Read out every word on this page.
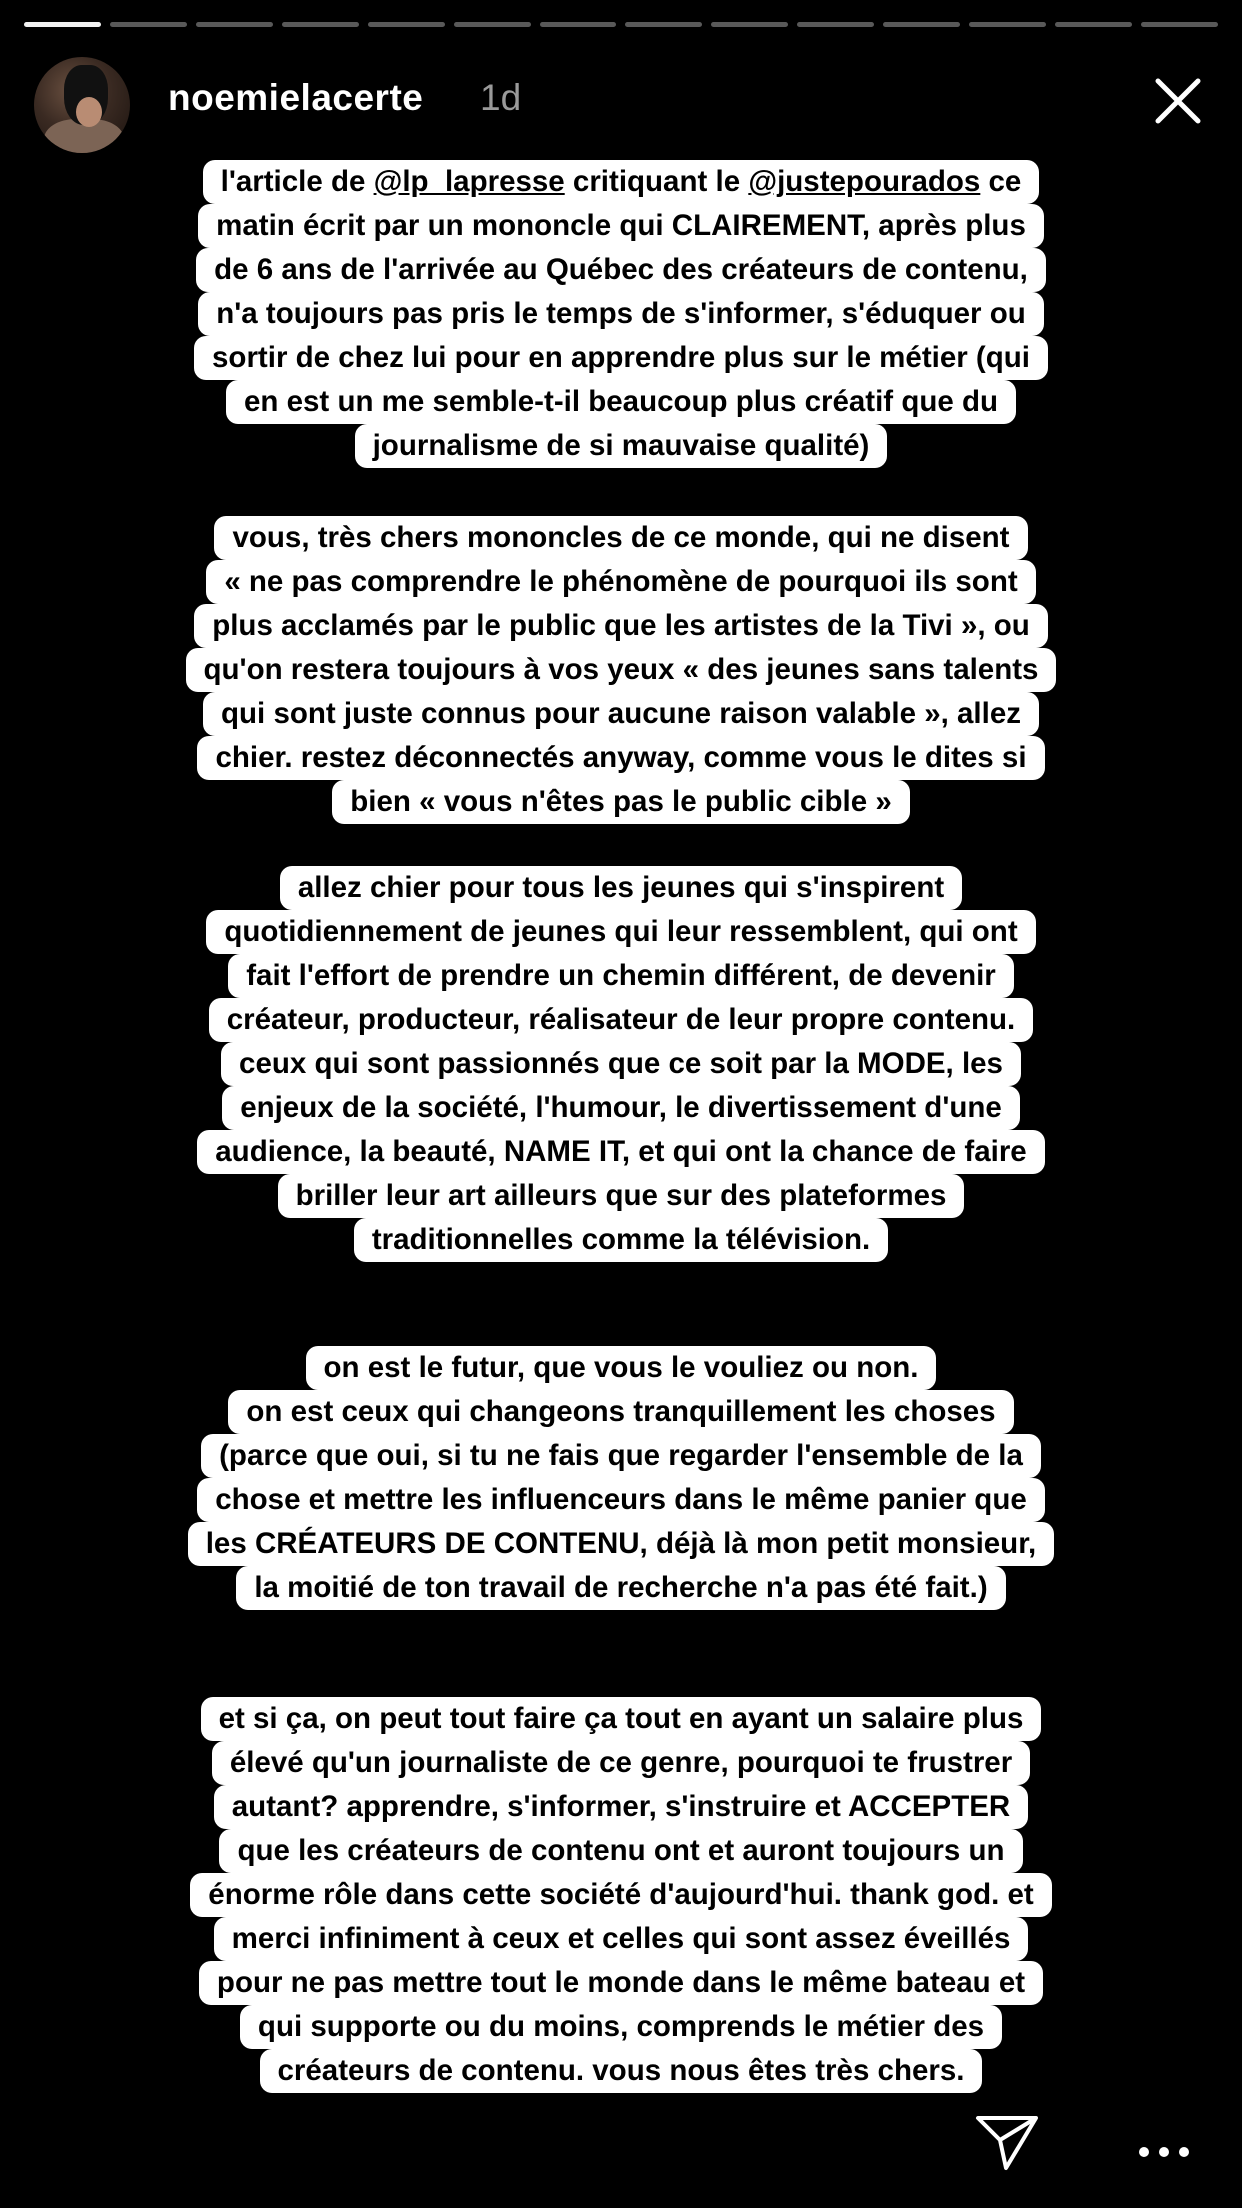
noemielacerte 1d
l'article de @lp_lapresse critiquant le @justepourados ce
matin écrit par un mononcle qui CLAIREMENT, après plus
de 6 ans de l'arrivée au Québec des créateurs de contenu,
n'a toujours pas pris le temps de s'informer, s'éduquer ou
sortir de chez lui pour en apprendre plus sur le métier (qui
en est un me semble-t-il beaucoup plus créatif que du
journalisme de si mauvaise qualité)
vous, très chers mononcles de ce monde, qui ne disent
« ne pas comprendre le phénomène de pourquoi ils sont
plus acclamés par le public que les artistes de la Tivi », ou
qu'on restera toujours à vos yeux « des jeunes sans talents
qui sont juste connus pour aucune raison valable », allez
chier. restez déconnectés anyway, comme vous le dites si
bien « vous n'êtes pas le public cible »
allez chier pour tous les jeunes qui s'inspirent
quotidiennement de jeunes qui leur ressemblent, qui ont
fait l'effort de prendre un chemin différent, de devenir
créateur, producteur, réalisateur de leur propre contenu.
ceux qui sont passionnés que ce soit par la MODE, les
enjeux de la société, l'humour, le divertissement d'une
audience, la beauté, NAME IT, et qui ont la chance de faire
briller leur art ailleurs que sur des plateformes
traditionnelles comme la télévision.
on est le futur, que vous le vouliez ou non.
on est ceux qui changeons tranquillement les choses
(parce que oui, si tu ne fais que regarder l'ensemble de la
chose et mettre les influenceurs dans le même panier que
les CRÉATEURS DE CONTENU, déjà là mon petit monsieur,
la moitié de ton travail de recherche n'a pas été fait.)
et si ça, on peut tout faire ça tout en ayant un salaire plus
élevé qu'un journaliste de ce genre, pourquoi te frustrer
autant? apprendre, s'informer, s'instruire et ACCEPTER
que les créateurs de contenu ont et auront toujours un
énorme rôle dans cette société d'aujourd'hui. thank god. et
merci infiniment à ceux et celles qui sont assez éveillés
pour ne pas mettre tout le monde dans le même bateau et
qui supporte ou du moins, comprends le métier des
créateurs de contenu. vous nous êtes très chers.
